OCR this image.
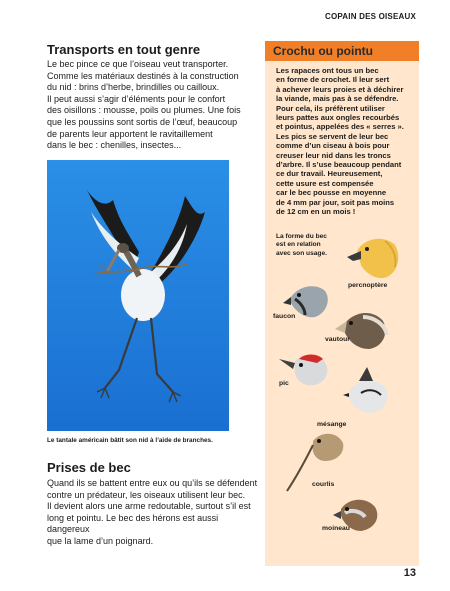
COPAIN DES OISEAUX
Transports en tout genre

Le bec pince ce que l’oiseau veut transporter.

Comme les matériaux destinés à la construction

du nid : brins d’herbe, brindilles ou cailloux.

Il peut aussi s’agir d’éléments pour le confort

des oisillons : mousse, poils ou plumes. Une fois

que les poussins sont sortis de l’œuf, beaucoup

de parents leur apportent le ravitaillement

dans le bec : chenilles, insectes...

Le tantale américain bâtit son nid à l’aide de branches.
Prises de bec

Quand ils se battent entre eux ou qu’ils se défendent

contre un prédateur, les oiseaux utilisent leur bec.

Il devient alors une arme redoutable, surtout s’il est

long et pointu. Le bec des hérons est aussi dangereux

que la lame d’un poignard.

Crochu ou pointu
Les rapaces ont tous un bec
en forme de crochet. Il leur sert
à achever leurs proies et à déchirer
la viande, mais pas à se défendre.
Pour cela, ils préfèrent utiliser
leurs pattes aux ongles recourbés
et pointus, appelées des « serres ».
Les pics se servent de leur bec
comme d’un ciseau à bois pour
creuser leur nid dans les troncs
d’arbre. Il s’use beaucoup pendant
ce dur travail. Heureusement,
cette usure est compensée
car le bec pousse en moyenne
de 4 mm par jour, soit pas moins
de 12 cm en un mois !
La forme du bec
est en relation
avec son usage.
percnoptère
faucon
vautour
pic
mésange
courlis
moineau
13
